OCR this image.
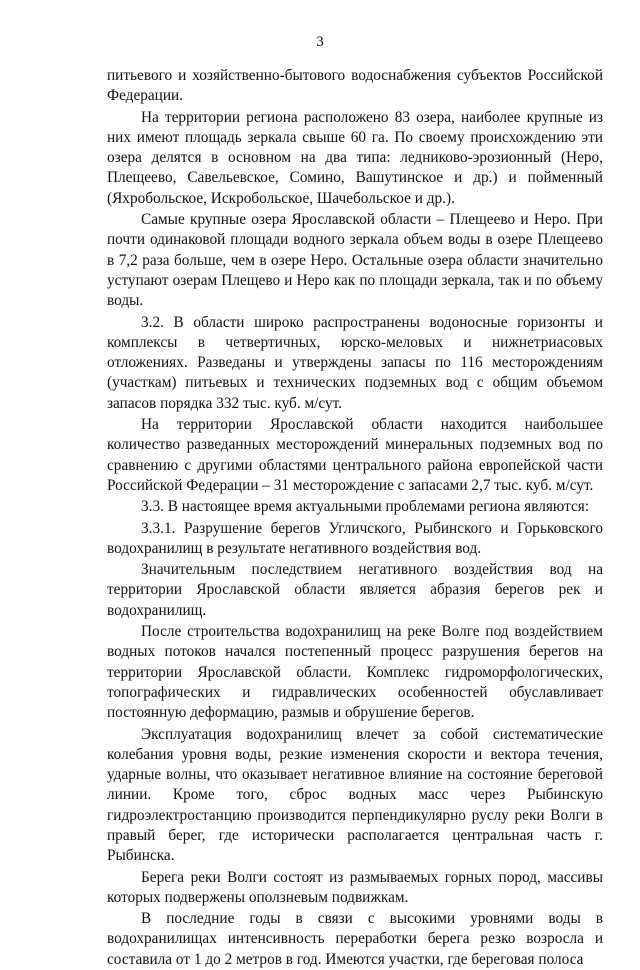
3

питьевого и хозяйственно-бытового водоснабжения субъектов Российской Федерации.

На территории региона расположено 83 озера, наиболее крупные из них имеют площадь зеркала свыше 60 га. По своему происхождению эти озера делятся в основном на два типа: ледниково-эрозионный (Неро, Плещеево, Савельевское, Сомино, Вашутинское и др.) и пойменный (Яхробольское, Искробольское, Шачебольское и др.).

Самые крупные озера Ярославской области – Плещеево и Неро. При почти одинаковой площади водного зеркала объем воды в озере Плещеево в 7,2 раза больше, чем в озере Неро. Остальные озера области значительно уступают озерам Плещево и Неро как по площади зеркала, так и по объему воды.

3.2. В области широко распространены водоносные горизонты и комплексы в четвертичных, юрско-меловых и нижнетриасовых отложениях. Разведаны и утверждены запасы по 116 месторождениям (участкам) питьевых и технических подземных вод с общим объемом запасов порядка 332 тыс. куб. м/сут.

На территории Ярославской области находится наибольшее количество разведанных месторождений минеральных подземных вод по сравнению с другими областями центрального района европейской части Российской Федерации – 31 месторождение с запасами 2,7 тыс. куб. м/сут.

3.3. В настоящее время актуальными проблемами региона являются:

3.3.1. Разрушение берегов Угличского, Рыбинского и Горьковского водохранилищ в результате негативного воздействия вод.

Значительным последствием негативного воздействия вод на территории Ярославской области является абразия берегов рек и водохранилищ.

После строительства водохранилищ на реке Волге под воздействием водных потоков начался постепенный процесс разрушения берегов на территории Ярославской области. Комплекс гидроморфологических, топографических и гидравлических особенностей обуславливает постоянную деформацию, размыв и обрушение берегов.

Эксплуатация водохранилищ влечет за собой систематические колебания уровня воды, резкие изменения скорости и вектора течения, ударные волны, что оказывает негативное влияние на состояние береговой линии. Кроме того, сброс водных масс через Рыбинскую гидроэлектростанцию производится перпендикулярно руслу реки Волги в правый берег, где исторически располагается центральная часть г. Рыбинска.

Берега реки Волги состоят из размываемых горных пород, массивы которых подвержены оползневым подвижкам.

В последние годы в связи с высокими уровнями воды в водохранилищах интенсивность переработки берега резко возросла и составила от 1 до 2 метров в год. Имеются участки, где береговая полоса
